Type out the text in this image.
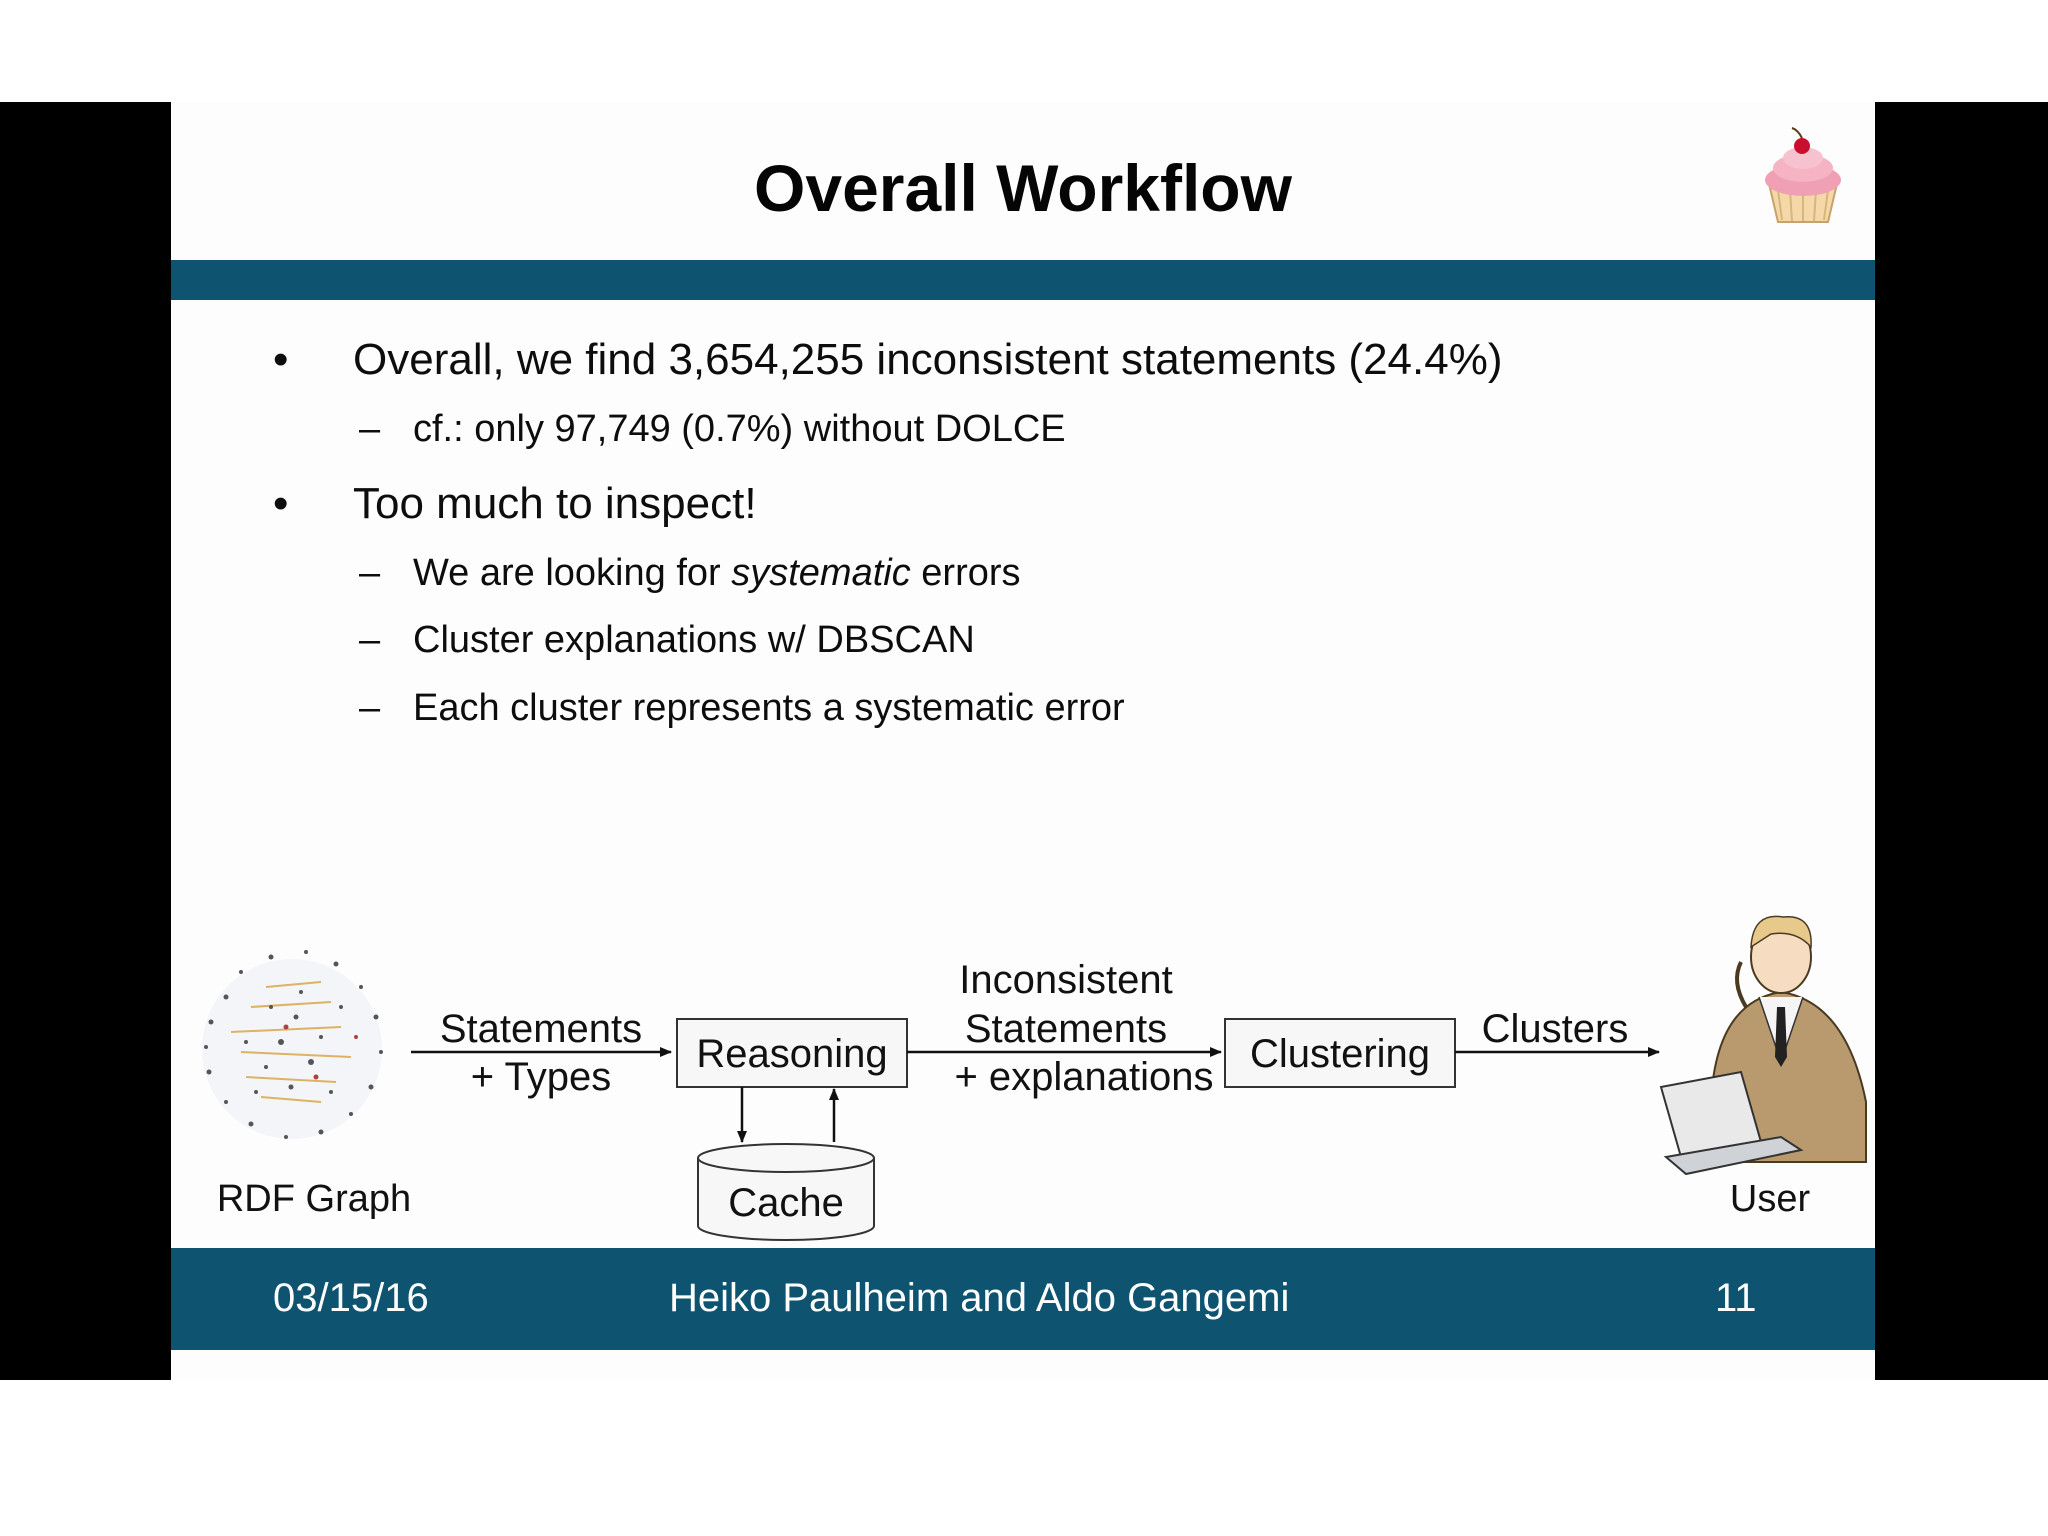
Overall Workflow
• Overall, we find 3,654,255 inconsistent statements (24.4%)
– cf.: only 97,749 (0.7%) without DOLCE
• Too much to inspect!
– We are looking for systematic errors
– Cluster explanations w/ DBSCAN
– Each cluster represents a systematic error
RDF Graph
Statements
+ Types
Reasoning
Cache
Inconsistent
Statements
+ explanations
Clustering
Clusters
User
03/15/16	Heiko Paulheim and Aldo Gangemi	11
